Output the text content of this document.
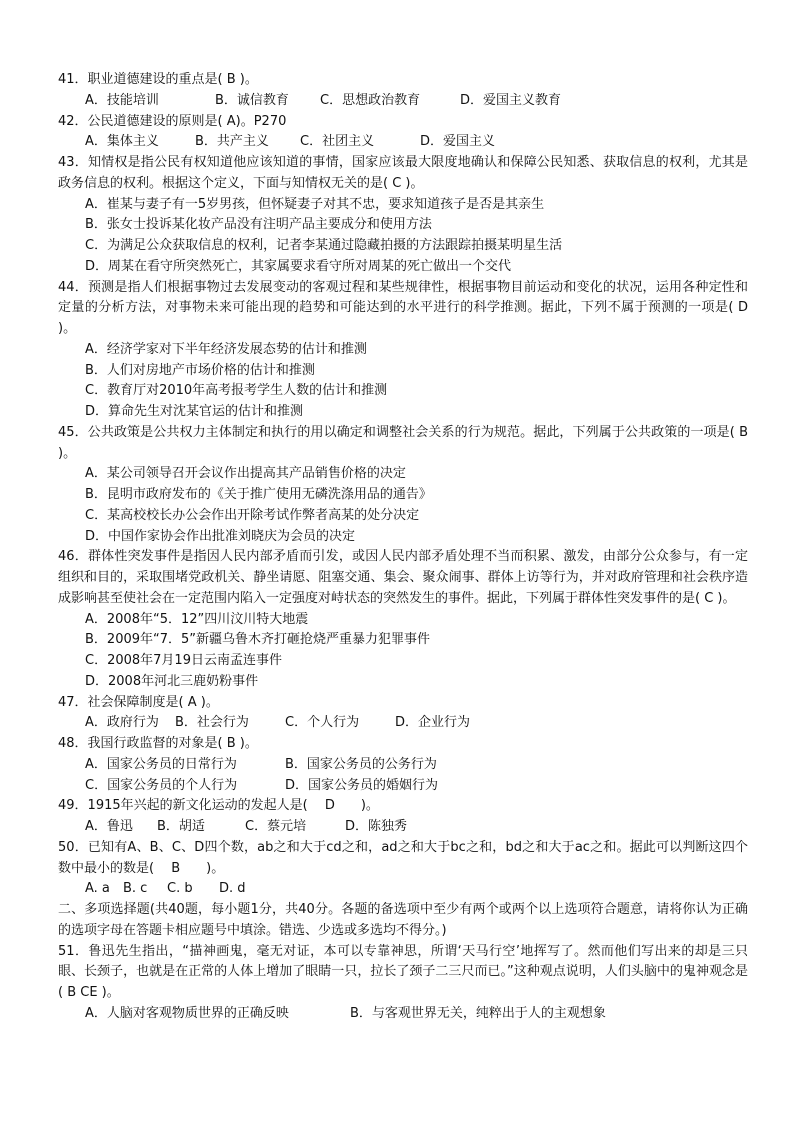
41．职业道德建设的重点是( B )。
A．技能培训	B．诚信教育	C．思想政治教育	D．爱国主义教育
42．公民道德建设的原则是( A)。P270
A．集体主义	B．共产主义	C．社团主义	D．爱国主义
43．知情权是指公民有权知道他应该知道的事情，国家应该最大限度地确认和保障公民知悉、获取信息的权利，尤其是政务信息的权利。根据这个定义，下面与知情权无关的是( C )。
A．崔某与妻子有一5岁男孩，但怀疑妻子对其不忠，要求知道孩子是否是其亲生
B．张女士投诉某化妆产品没有注明产品主要成分和使用方法
C．为满足公众获取信息的权利，记者李某通过隐藏拍摄的方法跟踪拍摄某明星生活
D．周某在看守所突然死亡，其家属要求看守所对周某的死亡做出一个交代
44．预测是指人们根据事物过去发展变动的客观过程和某些规律性，根据事物目前运动和变化的状况，运用各种定性和定量的分析方法，对事物未来可能出现的趋势和可能达到的水平进行的科学推测。据此，下列不属于预测的一项是( D )。
A．经济学家对下半年经济发展态势的估计和推测
B．人们对房地产市场价格的估计和推测
C．教育厅对2010年高考报考学生人数的估计和推测
D．算命先生对沈某官运的估计和推测
45．公共政策是公共权力主体制定和执行的用以确定和调整社会关系的行为规范。据此，下列属于公共政策的一项是( B )。
A．某公司领导召开会议作出提高其产品销售价格的决定
B．昆明市政府发布的《关于推广使用无磷洗涤用品的通告》
C．某高校校长办公会作出开除考试作弊者高某的处分决定
D．中国作家协会作出批准刘晓庆为会员的决定
46．群体性突发事件是指因人民内部矛盾而引发，或因人民内部矛盾处理不当而积累、激发，由部分公众参与，有一定组织和目的，采取围堵党政机关、静坐请愿、阻塞交通、集会、聚众闹事、群体上访等行为，并对政府管理和社会秩序造成影响甚至使社会在一定范围内陷入一定强度对峙状态的突然发生的事件。据此，下列属于群体性突发事件的是( C )。
A．2008年“5．12”四川汶川特大地震
B．2009年“7．5”新疆乌鲁木齐打砸抢烧严重暴力犯罪事件
C．2008年7月19日云南孟连事件
D．2008年河北三鹿奶粉事件
47．社会保障制度是( A )。
A．政府行为	B．社会行为	C．个人行为	D．企业行为
48．我国行政监督的对象是( B )。
A．国家公务员的日常行为	B．国家公务员的公务行为
C．国家公务员的个人行为	D．国家公务员的婚姻行为
49．1915年兴起的新文化运动的发起人是(　 D　　)。
A．鲁迅	B．胡适	C．蔡元培	D．陈独秀
50．已知有A、B、C、D四个数，ab之和大于cd之和，ad之和大于bc之和，bd之和大于ac之和。据此可以判断这四个数中最小的数是(　 B　　)。
A. a	B. c	C. b	D. d
二、多项选择题(共40题，每小题1分，共40分。各题的备选项中至少有两个或两个以上选项符合题意，请将你认为正确的选项字母在答题卡相应题号中填涂。错选、少选或多选均不得分。)
51．鲁迅先生指出，“描神画鬼，毫无对证，本可以专靠神思，所谓‘天马行空’地挥写了。然而他们写出来的却是三只眼、长颈子，也就是在正常的人体上增加了眼睛一只，拉长了颈子二三尺而已。”这种观点说明，人们头脑中的鬼神观念是( B CE )。
A．人脑对客观物质世界的正确反映	B．与客观世界无关，纯粹出于人的主观想象
